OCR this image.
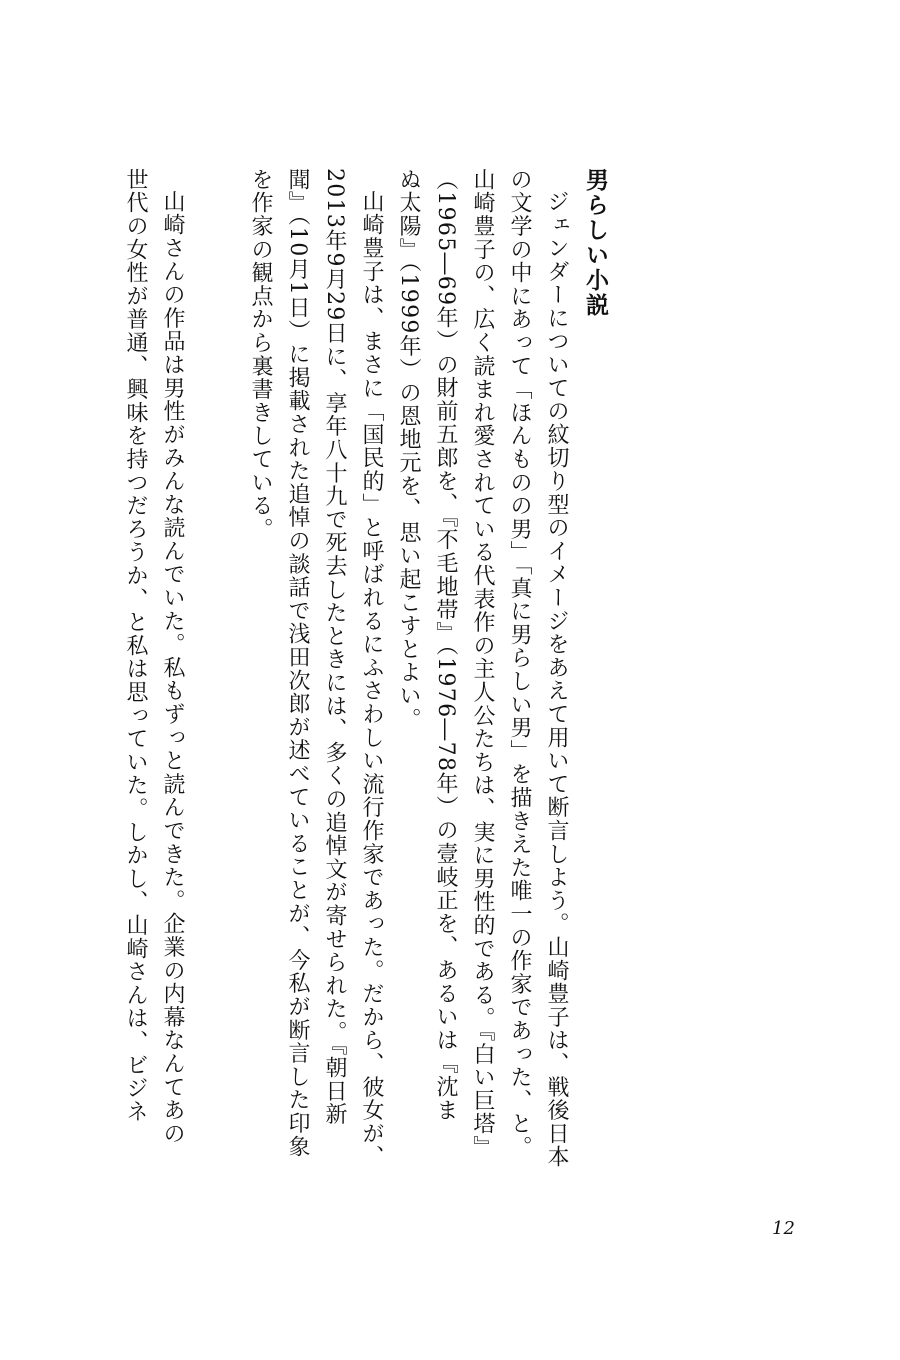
男らしい小説
ジェンダーについての紋切り型のイメージをあえて用いて断言しよう。山崎豊子は、戦後日本
の文学の中にあって「ほんものの男」「真に男らしい男」を描きえた唯一の作家であった、と。
山崎豊子の、広く読まれ愛されている代表作の主人公たちは、実に男性的である。『白い巨塔』
（1965―69年）の財前五郎を、『不毛地帯』（1976―78年）の壹岐正を、あるいは『沈ま
ぬ太陽』（1999年）の恩地元を、思い起こすとよい。
山崎豊子は、まさに「国民的」と呼ばれるにふさわしい流行作家であった。だから、彼女が、
2013年9月29日に、享年八十九で死去したときには、多くの追悼文が寄せられた。『朝日新
聞』（10月1日）に掲載された追悼の談話で浅田次郎が述べていることが、今私が断言した印象
を作家の観点から裏書きしている。
山崎さんの作品は男性がみんな読んでいた。私もずっと読んできた。企業の内幕なんてあの
世代の女性が普通、興味を持つだろうか、と私は思っていた。しかし、山崎さんは、ビジネ
12
